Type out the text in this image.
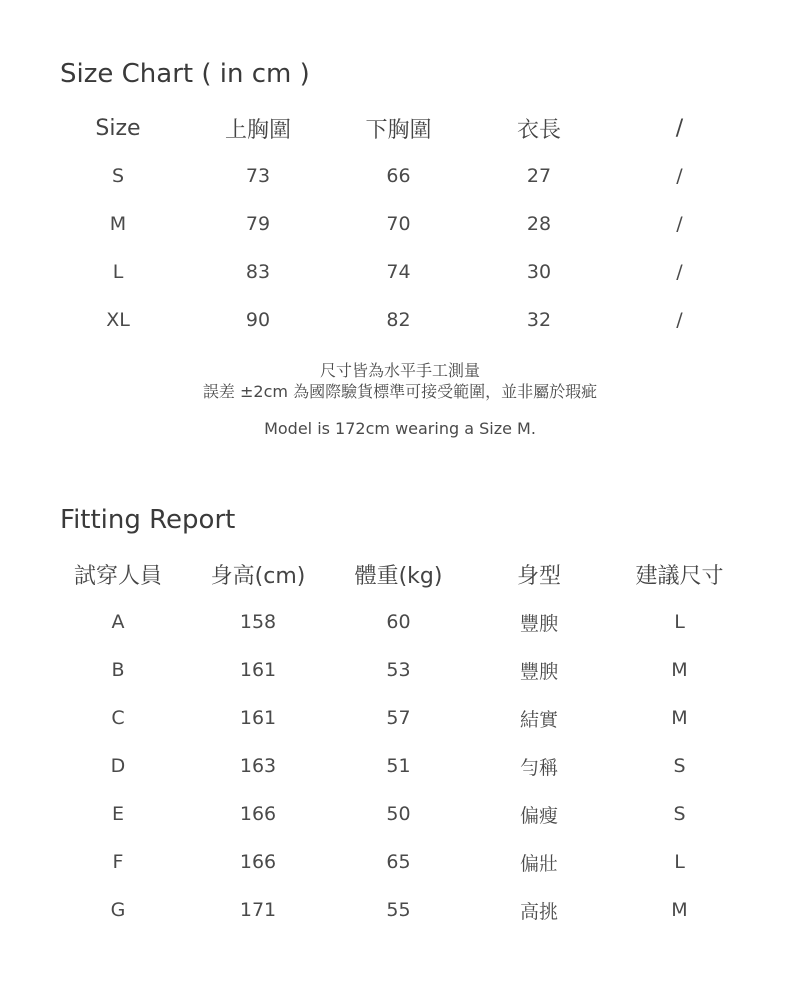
Size Chart ( in cm )
Size	上胸圍	下胸圍	衣長	/
S	73	66	27	/
M	79	70	28	/
L	83	74	30	/
XL	90	82	32	/
尺寸皆為水平手工測量
誤差 ±2cm 為國際驗貨標準可接受範圍，並非屬於瑕疵
Model is 172cm wearing a Size M.
Fitting Report
試穿人員	身高(cm)	體重(kg)	身型	建議尺寸
A	158	60	豐腴	L
B	161	53	豐腴	M
C	161	57	結實	M
D	163	51	勻稱	S
E	166	50	偏瘦	S
F	166	65	偏壯	L
G	171	55	高挑	M
